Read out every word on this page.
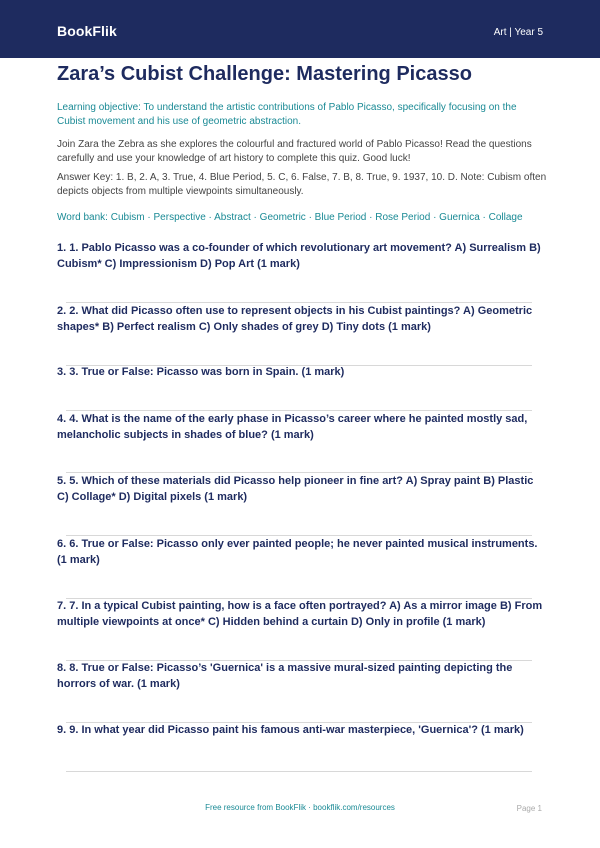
BookFlik	Art | Year 5
Zara’s Cubist Challenge: Mastering Picasso

Learning objective: To understand the artistic contributions of Pablo Picasso, specifically focusing on the Cubist movement and his use of geometric abstraction.

Join Zara the Zebra as she explores the colourful and fractured world of Pablo Picasso! Read the questions carefully and use your knowledge of art history to complete this quiz. Good luck!

Answer Key: 1. B, 2. A, 3. True, 4. Blue Period, 5. C, 6. False, 7. B, 8. True, 9. 1937, 10. D. Note: Cubism often depicts objects from multiple viewpoints simultaneously.

Word bank: Cubism · Perspective · Abstract · Geometric · Blue Period · Rose Period · Guernica · Collage

1. 1. Pablo Picasso was a co-founder of which revolutionary art movement? A) Surrealism B) Cubism* C) Impressionism D) Pop Art (1 mark)

2. 2. What did Picasso often use to represent objects in his Cubist paintings? A) Geometric shapes* B) Perfect realism C) Only shades of grey D) Tiny dots (1 mark)

3. 3. True or False: Picasso was born in Spain. (1 mark)

4. 4. What is the name of the early phase in Picasso’s career where he painted mostly sad, melancholic subjects in shades of blue? (1 mark)

5. 5. Which of these materials did Picasso help pioneer in fine art? A) Spray paint B) Plastic C) Collage* D) Digital pixels (1 mark)

6. 6. True or False: Picasso only ever painted people; he never painted musical instruments. (1 mark)

7. 7. In a typical Cubist painting, how is a face often portrayed? A) As a mirror image B) From multiple viewpoints at once* C) Hidden behind a curtain D) Only in profile (1 mark)

8. 8. True or False: Picasso’s 'Guernica' is a massive mural-sized painting depicting the horrors of war. (1 mark)

9. 9. In what year did Picasso paint his famous anti-war masterpiece, 'Guernica'? (1 mark)

Free resource from BookFlik · bookflik.com/resources	Page 1
